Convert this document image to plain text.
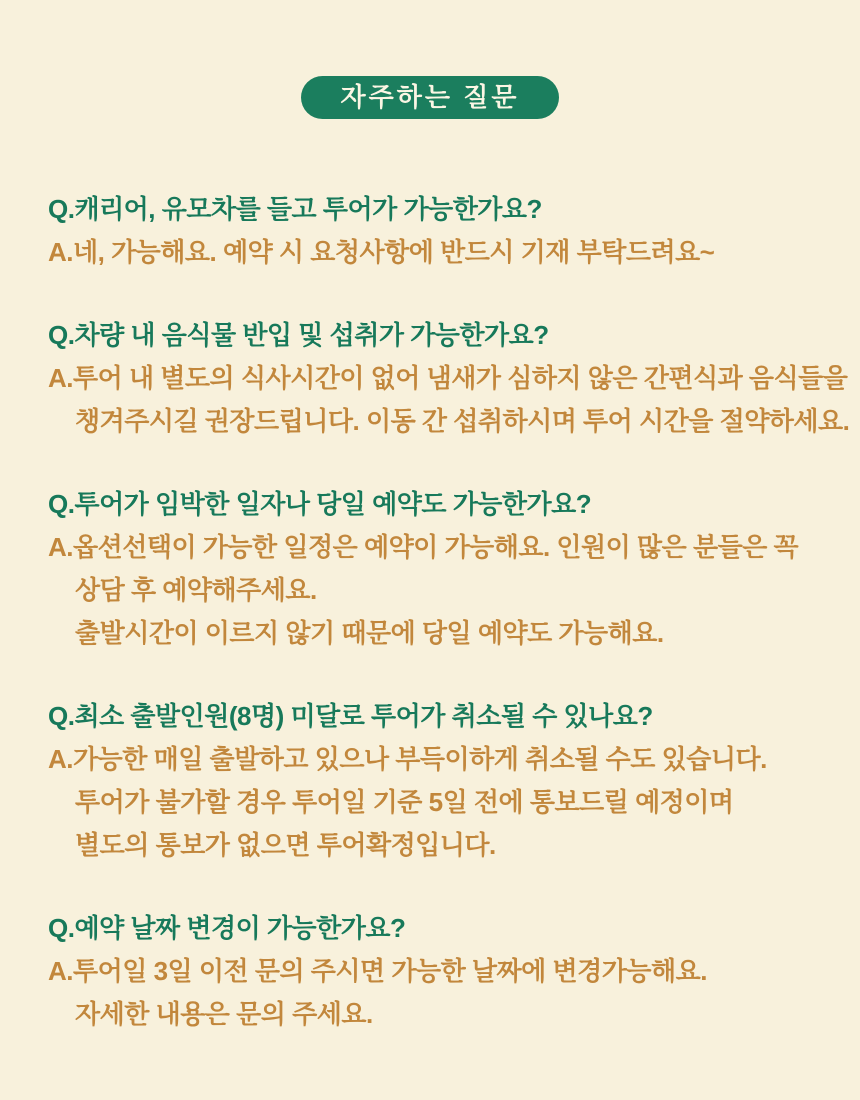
자주하는 질문

Q.캐리어, 유모차를 들고 투어가 가능한가요?

A.네, 가능해요. 예약 시 요청사항에 반드시 기재 부탁드려요~

Q.차량 내 음식물 반입 및 섭취가 가능한가요?

A.투어 내 별도의 식사시간이 없어 냄새가 심하지 않은 간편식과 음식들을

챙겨주시길 권장드립니다. 이동 간 섭취하시며 투어 시간을 절약하세요.

Q.투어가 임박한 일자나 당일 예약도 가능한가요?

A.옵션선택이 가능한 일정은 예약이 가능해요. 인원이 많은 분들은 꼭

상담 후 예약해주세요.

출발시간이 이르지 않기 때문에 당일 예약도 가능해요.

Q.최소 출발인원(8명) 미달로 투어가 취소될 수 있나요?

A.가능한 매일 출발하고 있으나 부득이하게 취소될 수도 있습니다.

투어가 불가할 경우 투어일 기준 5일 전에 통보드릴 예정이며

별도의 통보가 없으면 투어확정입니다.

Q.예약 날짜 변경이 가능한가요?

A.투어일 3일 이전 문의 주시면 가능한 날짜에 변경가능해요.

자세한 내용은 문의 주세요.
